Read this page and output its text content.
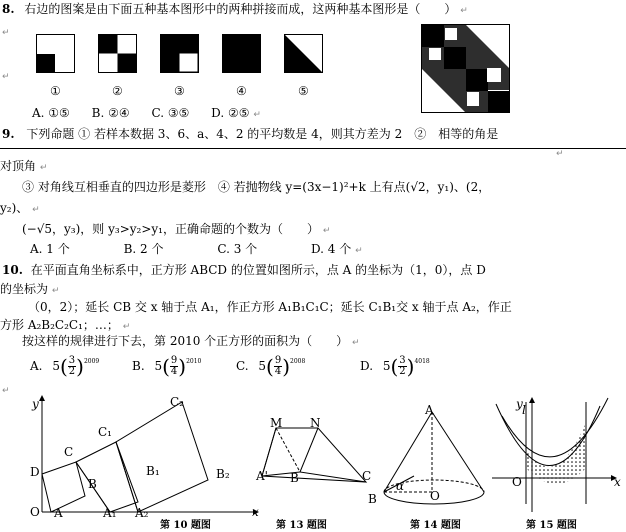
8. 右边的图案是由下面五种基本图形中的两种拼接而成，这两种基本图形是（　　） ↵
↵
↵
①	②	③	④	⑤
A. ①⑤ B. ②④ C. ③⑤ D. ②⑤ ↵
9. 下列命题 ① 若样本数据 3、6、a、4、2 的平均数是 4，则其方差为 2　②　相等的角是
↵
对顶角 ↵
③ 对角线互相垂直的四边形是菱形　④ 若抛物线 y=(3x−1)²+k 上有点(√2，y₁)、(2，
y₂)、 ↵
(−√5，y₃)，则 y₃>y₂>y₁，正确命题的个数为（　　） ↵
A. 1 个	B. 2 个	C. 3 个	D. 4 个 ↵
10. 在平面直角坐标系中，正方形 ABCD 的位置如图所示，点 A 的坐标为（1，0），点 D
的坐标为 ↵
（0，2）；延长 CB 交 x 轴于点 A₁，作正方形 A₁B₁C₁C；延长 C₁B₁交 x 轴于点 A₂，作正
方形 A₂B₂C₂C₁；…； ↵
按这样的规律进行下去，第 2010 个正方形的面积为（　　） ↵
A. $5( \frac{3}{2} )^{2009}$	B. $5( \frac{9}{4} )^{2010}$	C. $5( \frac{9}{4} )^{2008}$	D. $5( \frac{3}{2} )^{4018}$
↵
y
x
O A	A₁ A₂
B
B₁	B₂
C
C₁
C₂
D
第 10 题图
M N
A' B	C
第 13 题图
A
B	O
α
第 14 题图
y
x
O
l
第 15 题图
